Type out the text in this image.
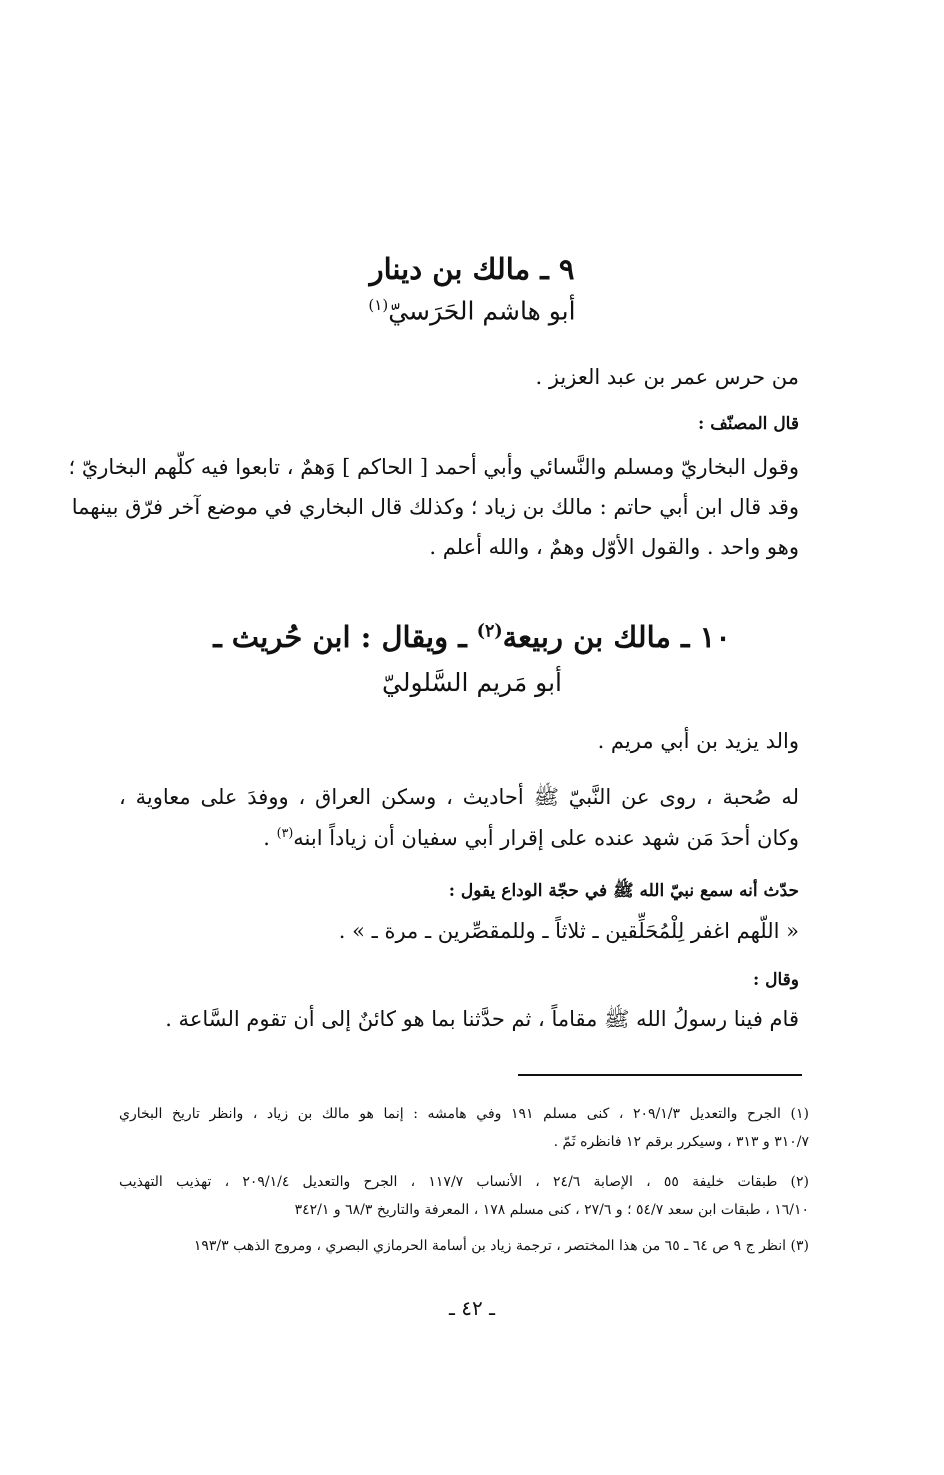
٩ ـ مالك بن دينار
أبو هاشم الحَرَسيّ$^{(١)}$
من حرس عمر بن عبد العزيز .
قال المصنّف :
وقول البخاريّ ومسلم والنَّسائي وأبي أحمد [ الحاكم ] وَهمٌ ، تابعوا فيه كلّهم البخاريّ ؛
وقد قال ابن أبي حاتم : مالك بن زياد ؛ وكذلك قال البخاري في موضع آخر فرّق بينهما
وهو واحد . والقول الأوّل وهمٌ ، والله أعلم .
١٠ ـ مالك بن ربيعة$^{(٢)}$ ـ ويقال : ابن حُريث ـ
أبو مَريم السَّلوليّ
والد يزيد بن أبي مريم .
له صُحبة ، روى عن النَّبيّ ﷺ أحاديث ، وسكن العراق ، ووفدَ على معاوية ،
وكان أحدَ مَن شهد عنده على إقرار أبي سفيان أن زياداً ابنه$^{(٣)}$ .
حدّث أنه سمع نبيّ الله ﷺ في حجّة الوداع يقول :
« اللّهم اغفر لِلْمُحَلِّقين ـ ثلاثاً ـ وللمقصِّرين ـ مرة ـ » .
وقال :
قام فينا رسولُ الله ﷺ مقاماً ، ثم حدَّثنا بما هو كائنٌ إلى أن تقوم السَّاعة .
(١) الجرح والتعديل ٢٠٩/١/٣ ، كنى مسلم ١٩١ وفي هامشه : إنما هو مالك بن زياد ، وانظر تاريخ البخاري
٣١٠/٧ و ٣١٣ ، وسيكرر برقم ١٢ فانظره ثَمّ .
(٢) طبقات خليفة ٥٥ ، الإصابة ٢٤/٦ ، الأنساب ١١٧/٧ ، الجرح والتعديل ٢٠٩/١/٤ ، تهذيب التهذيب
١٦/١٠ ، طبقات ابن سعد ٥٤/٧ ؛ و ٢٧/٦ ، كنى مسلم ١٧٨ ، المعرفة والتاريخ ٦٨/٣ و ٣٤٢/١
(٣) انظر ج ٩ ص ٦٤ ـ ٦٥ من هذا المختصر ، ترجمة زياد بن أسامة الحرمازي البصري ، ومروج الذهب ١٩٣/٣
ـ ٤٢ ـ
